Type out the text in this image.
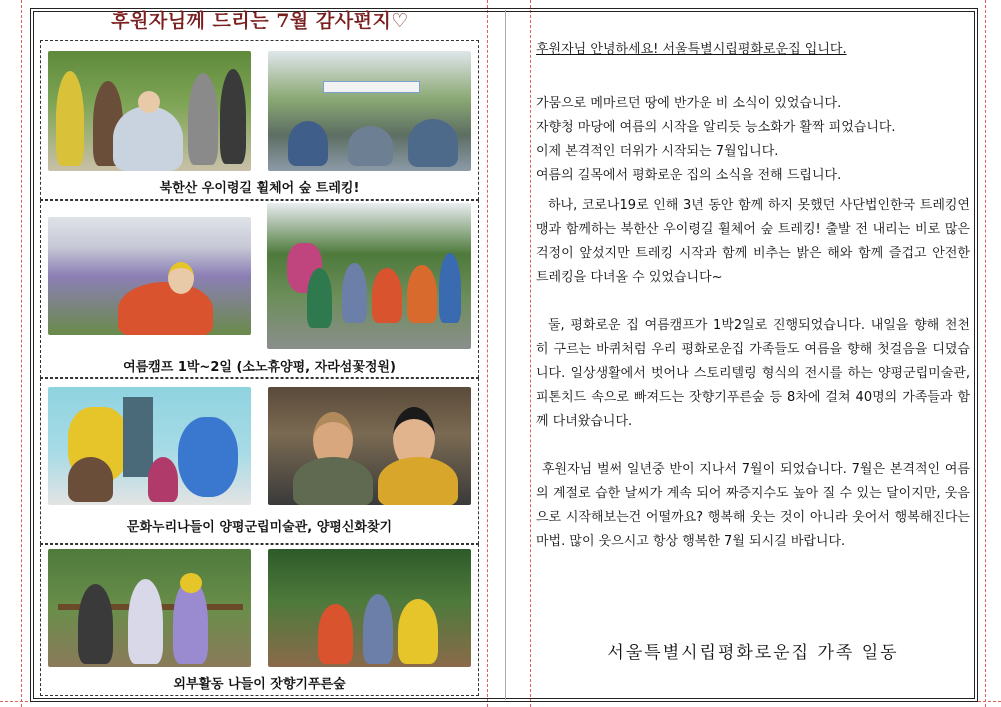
후원자님께 드리는 7월 감사편지♡
북한산 우이령길 휠체어 숲 트레킹!
여름캠프 1박~2일 (소노휴양평, 자라섬꽃정원)
문화누리나들이 양평군립미술관, 양평신화찾기
외부활동 나들이 잣향기푸른숲

후원자님 안녕하세요! 서울특별시립평화로운집 입니다.

가뭄으로 메마르던 땅에 반가운 비 소식이 있었습니다.

자향청 마당에 여름의 시작을 알리듯 능소화가 활짝 피었습니다.

이제 본격적인 더위가 시작되는 7월입니다.

여름의 길목에서 평화로운 집의 소식을 전해 드립니다.

하나, 코로나19로 인해 3년 동안 함께 하지 못했던 사단법인한국 트레킹연맹과 함께하는 북한산 우이령길 휠체어 숲 트레킹! 출발 전 내리는 비로 많은 걱정이 앞섰지만 트레킹 시작과 함께 비추는 밝은 해와 함께 즐겁고 안전한 트레킹을 다녀올 수 있었습니다~

둘, 평화로운 집 여름캠프가 1박2일로 진행되었습니다. 내일을 향해 천천히 구르는 바퀴처럼 우리 평화로운집 가족들도 여름을 향해 첫걸음을 디뎠습니다. 일상생활에서 벗어나 스토리텔링 형식의 전시를 하는 양평군립미술관, 피톤치드 속으로 빠져드는 잣향기푸른숲 등 8차에 걸쳐 40명의 가족들과 함께 다녀왔습니다.

후원자님 벌써 일년중 반이 지나서 7월이 되었습니다. 7월은 본격적인 여름의 계절로 습한 날씨가 계속 되어 짜증지수도 높아 질 수 있는 달이지만, 웃음으로 시작해보는건 어떨까요? 행복해 웃는 것이 아니라 웃어서 행복해진다는 마법. 많이 웃으시고 항상 행복한 7월 되시길 바랍니다.

서울특별시립평화로운집 가족 일동
